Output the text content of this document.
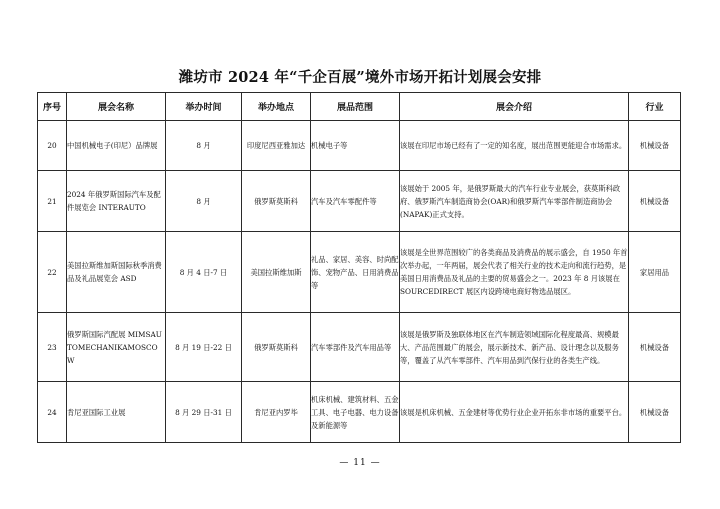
潍坊市 2024 年“千企百展”境外市场开拓计划展会安排
序号	展会名称	举办时间	举办地点	展品范围	展会介绍	行业
20	中国机械电子(印尼）品牌展	8 月	印度尼西亚雅加达	机械电子等	该展在印尼市场已经有了一定的知名度，展出范围更能迎合市场需求。	机械设备
21	2024 年俄罗斯国际汽车及配件展览会 INTERAUTO	8 月	俄罗斯莫斯科	汽车及汽车零配件等	该展始于 2005 年，是俄罗斯最大的汽车行业专业展会，获莫斯科政府、俄罗斯汽车制造商协会(OAR)和俄罗斯汽车零部件制造商协会(NAPAK)正式支持。	机械设备
22	美国拉斯维加斯国际秋季消费品及礼品展览会 ASD	8 月 4 日-7 日	美国拉斯维加斯	礼品、家居、美容、时尚配饰、宠物产品、日用消费品等	该展是全世界范围较广的各类商品及消费品的展示盛会，自 1950 年首次举办起，一年两届，展会代表了相关行业的技术走向和流行趋势，是美国日用消费品及礼品的主要的贸易盛会之一。2023 年 8 月该展在 SOURCEDIRECT 展区内设跨境电商好物选品展区。	家居用品
23	俄罗斯国际汽配展 MIMSAUTOMECHANIKAMOSCOW	8 月 19 日-22 日	俄罗斯莫斯科	汽车零部件及汽车用品等	该展是俄罗斯及独联体地区在汽车制造领域国际化程度最高、规模最大、产品范围最广的展会，展示新技术、新产品、设计理念以及服务等，覆盖了从汽车零部件、汽车用品到汽保行业的各类生产线。	机械设备
24	肯尼亚国际工业展	8 月 29 日-31 日	肯尼亚内罗毕	机床机械、建筑材料、五金工具、电子电器、电力设备及新能源等	该展是机床机械、五金建材等优势行业企业开拓东非市场的重要平台。	机械设备
— 11 —
